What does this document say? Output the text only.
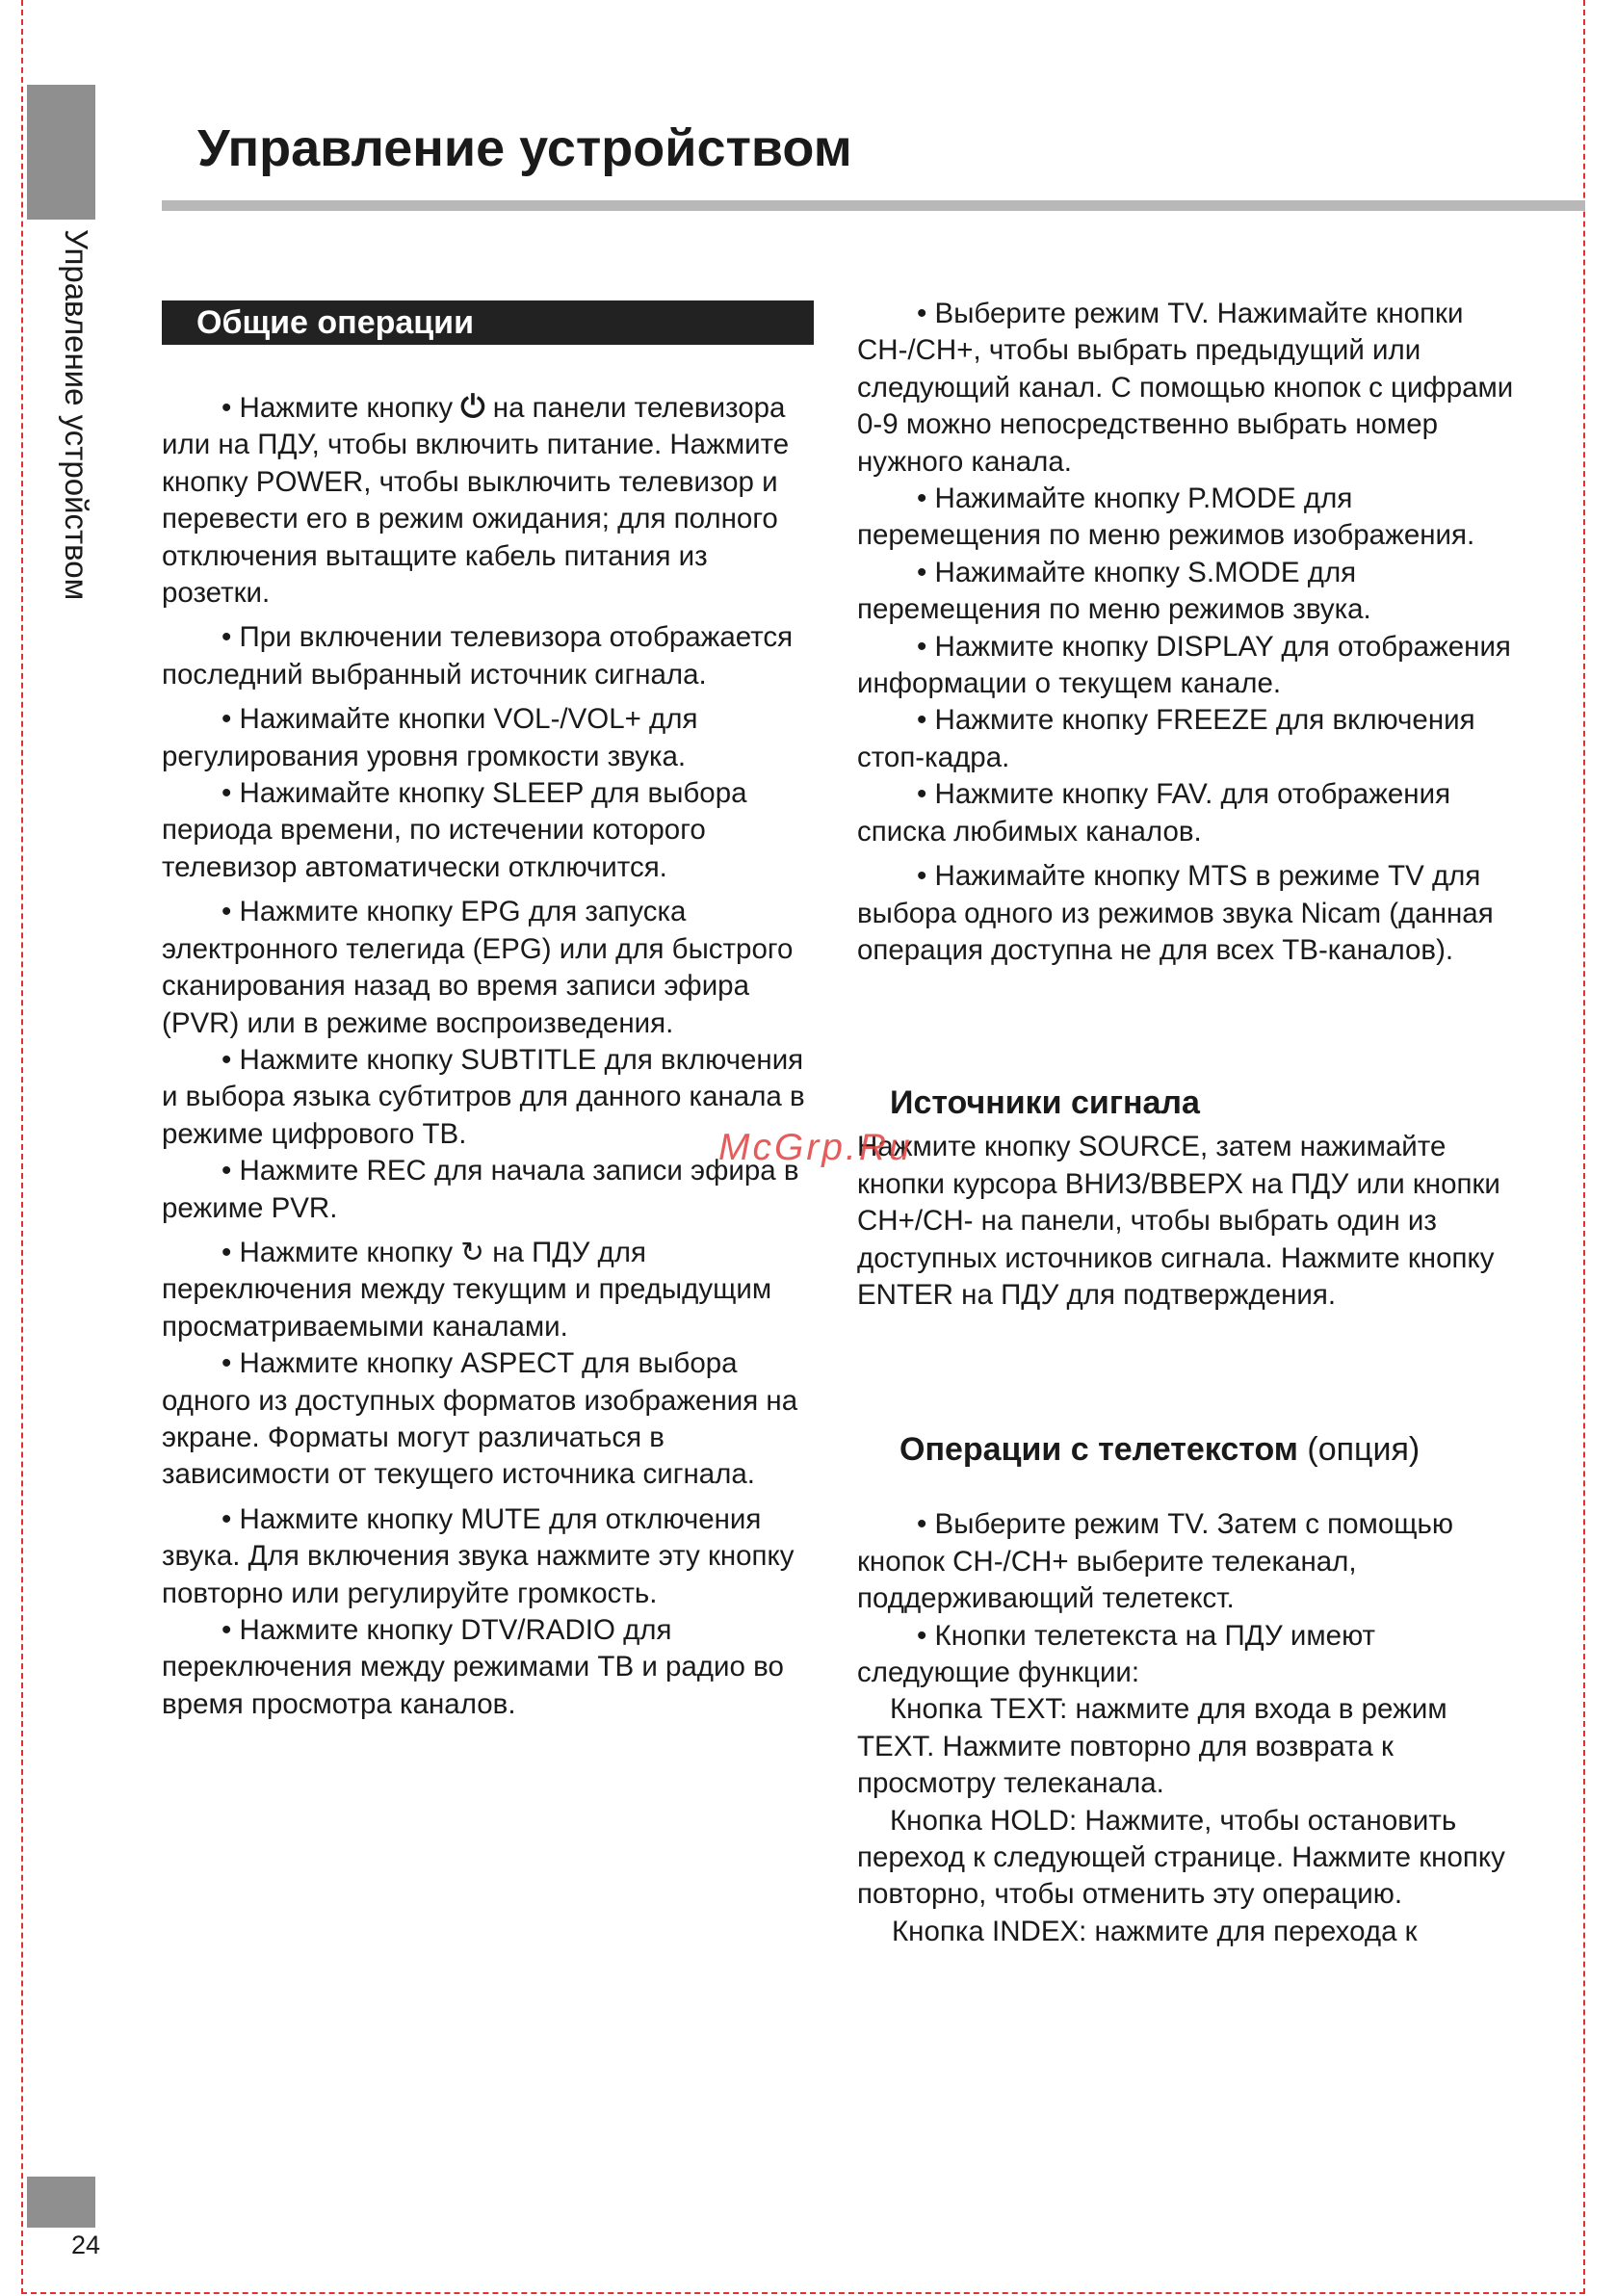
Управление устройством
24
Управление устройством
Общие операции

• Нажмите кнопку ⏻ на панели телевизора или на ПДУ, чтобы включить питание. Нажмите кнопку POWER, чтобы выключить телевизор и перевести его в режим ожидания; для полного отключения вытащите кабель питания из розетки.

• При включении телевизора отображается последний выбранный источник сигнала.

• Нажимайте кнопки VOL-/VOL+ для регулирования уровня громкости звука.

• Нажимайте кнопку SLEEP для выбора периода времени, по истечении которого телевизор автоматически отключится.

• Нажмите кнопку EPG для запуска электронного телегида (EPG) или для быстрого сканирования назад во время записи эфира (PVR) или в режиме воспроизведения.

• Нажмите кнопку SUBTITLE для включения и выбора языка субтитров для данного канала в режиме цифрового ТВ.

• Нажмите REC для начала записи эфира в режиме PVR.

• Нажмите кнопку ↻ на ПДУ для переключения между текущим и предыдущим просматриваемыми каналами.

• Нажмите кнопку ASPECT для выбора одного из доступных форматов изображения на экране. Форматы могут различаться в зависимости от текущего источника сигнала.

• Нажмите кнопку MUTE для отключения звука. Для включения звука нажмите эту кнопку повторно или регулируйте громкость.

• Нажмите кнопку DTV/RADIO для переключения между режимами ТВ и радио во время просмотра каналов.

• Выберите режим TV. Нажимайте кнопки CH-/CH+, чтобы выбрать предыдущий или следующий канал. С помощью кнопок с цифрами 0-9 можно непосредственно выбрать номер нужного канала.

• Нажимайте кнопку P.MODE для перемещения по меню режимов изображения.

• Нажимайте кнопку S.MODE для перемещения по меню режимов звука.

• Нажмите кнопку DISPLAY для отображения информации о текущем канале.

• Нажмите кнопку FREEZE для включения стоп-кадра.

• Нажмите кнопку FAV. для отображения списка любимых каналов.

• Нажимайте кнопку MTS в режиме TV для выбора одного из режимов звука Nicam (данная операция доступна не для всех ТВ-каналов).

Источники сигнала

Нажмите кнопку SOURCE, затем нажимайте кнопки курсора ВНИЗ/ВВЕРХ на ПДУ или кнопки CH+/CH- на панели, чтобы выбрать один из доступных источников сигнала. Нажмите кнопку ENTER на ПДУ для подтверждения.

Операции с телетекстом (опция)

• Выберите режим TV. Затем с помощью кнопок CH-/CH+ выберите телеканал, поддерживающий телетекст.

• Кнопки телетекста на ПДУ имеют следующие функции:

Кнопка TEXT: нажмите для входа в режим TEXT. Нажмите повторно для возврата к просмотру телеканала.

Кнопка HOLD: Нажмите, чтобы остановить переход к следующей странице. Нажмите кнопку повторно, чтобы отменить эту операцию.

Кнопка INDEX: нажмите для перехода к

McGrp.Ru
